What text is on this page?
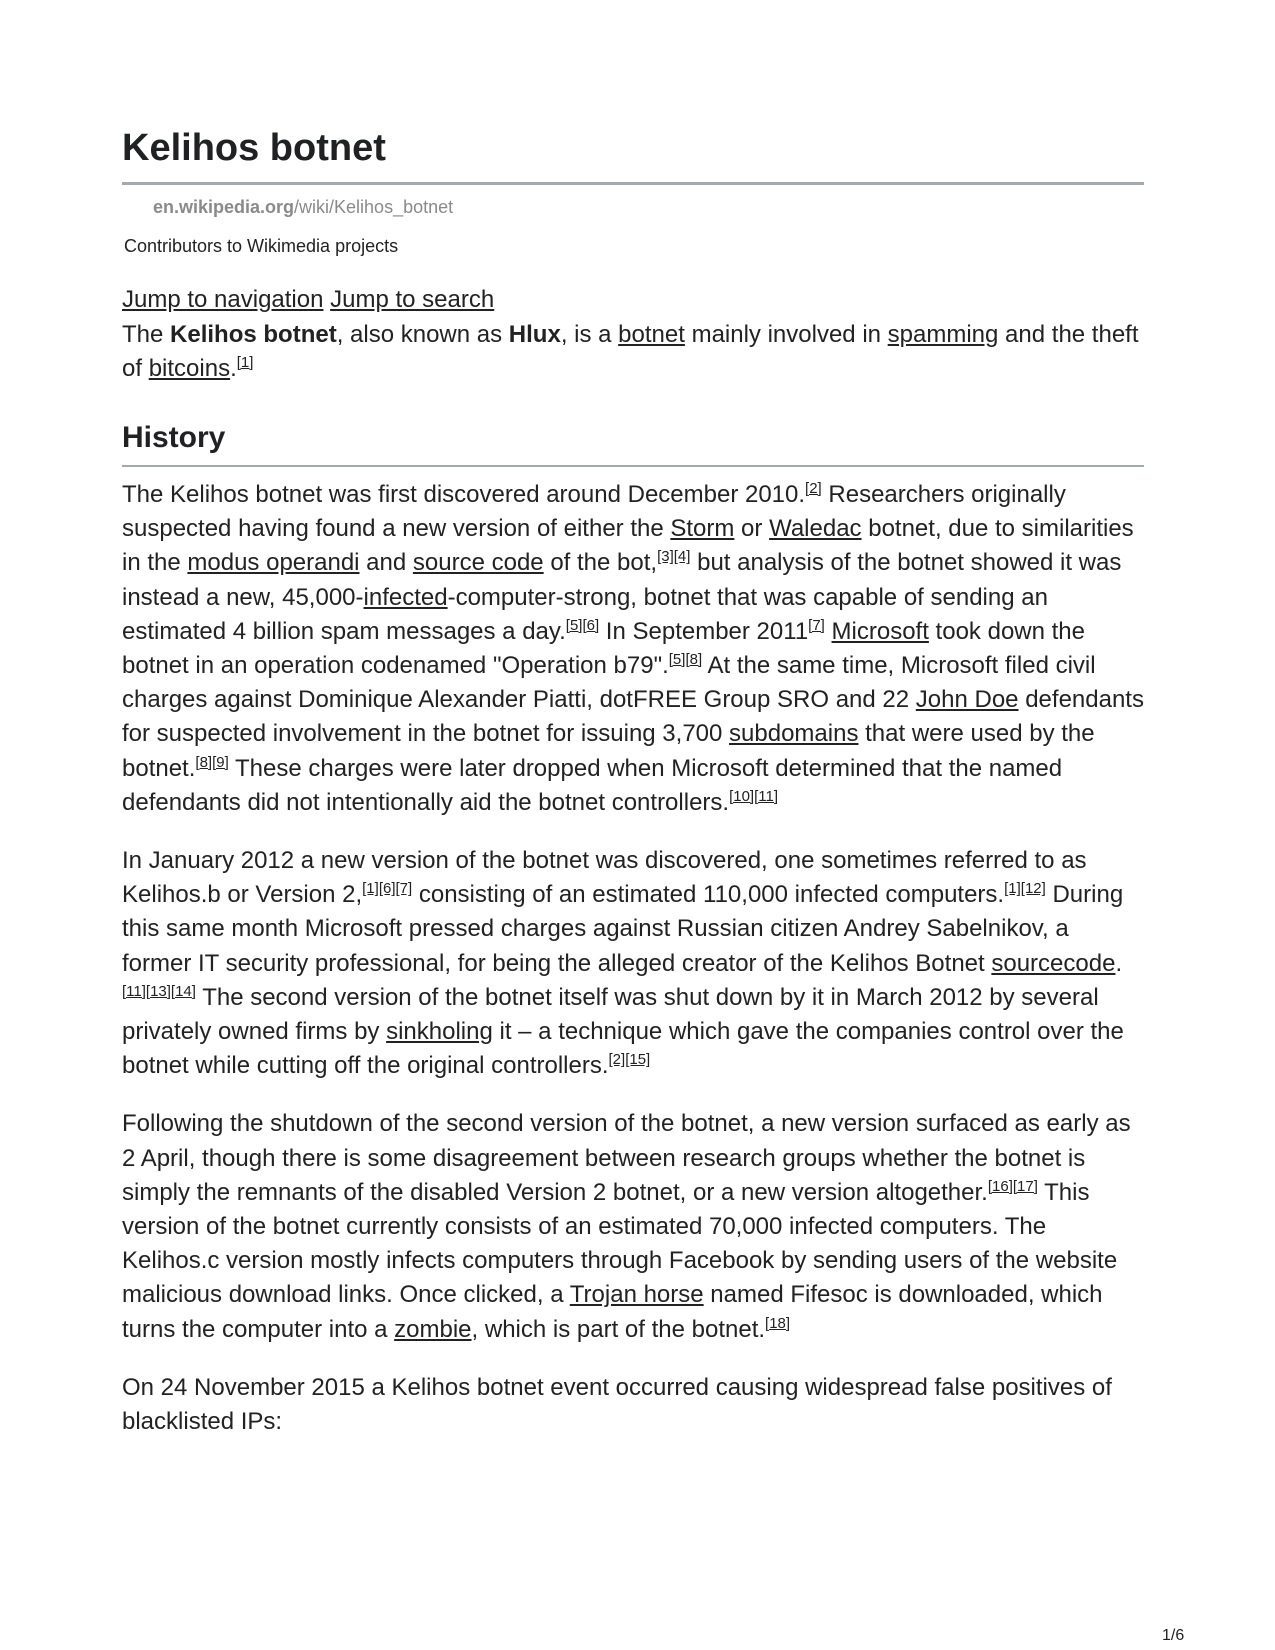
Kelihos botnet
en.wikipedia.org/wiki/Kelihos_botnet
Contributors to Wikimedia projects
Jump to navigation Jump to search

The Kelihos botnet, also known as Hlux, is a botnet mainly involved in spamming and the theft of bitcoins.[1]

History

The Kelihos botnet was first discovered around December 2010.[2] Researchers originally suspected having found a new version of either the Storm or Waledac botnet, due to similarities in the modus operandi and source code of the bot,[3][4] but analysis of the botnet showed it was instead a new, 45,000-infected-computer-strong, botnet that was capable of sending an estimated 4 billion spam messages a day.[5][6] In September 2011[7] Microsoft took down the botnet in an operation codenamed "Operation b79".[5][8] At the same time, Microsoft filed civil charges against Dominique Alexander Piatti, dotFREE Group SRO and 22 John Doe defendants for suspected involvement in the botnet for issuing 3,700 subdomains that were used by the botnet.[8][9] These charges were later dropped when Microsoft determined that the named defendants did not intentionally aid the botnet controllers.[10][11]

In January 2012 a new version of the botnet was discovered, one sometimes referred to as Kelihos.b or Version 2,[1][6][7] consisting of an estimated 110,000 infected computers.[1][12] During this same month Microsoft pressed charges against Russian citizen Andrey Sabelnikov, a former IT security professional, for being the alleged creator of the Kelihos Botnet sourcecode.[11][13][14] The second version of the botnet itself was shut down by it in March 2012 by several privately owned firms by sinkholing it – a technique which gave the companies control over the botnet while cutting off the original controllers.[2][15]

Following the shutdown of the second version of the botnet, a new version surfaced as early as 2 April, though there is some disagreement between research groups whether the botnet is simply the remnants of the disabled Version 2 botnet, or a new version altogether.[16][17] This version of the botnet currently consists of an estimated 70,000 infected computers. The Kelihos.c version mostly infects computers through Facebook by sending users of the website malicious download links. Once clicked, a Trojan horse named Fifesoc is downloaded, which turns the computer into a zombie, which is part of the botnet.[18]

On 24 November 2015 a Kelihos botnet event occurred causing widespread false positives of blacklisted IPs:

1/6
